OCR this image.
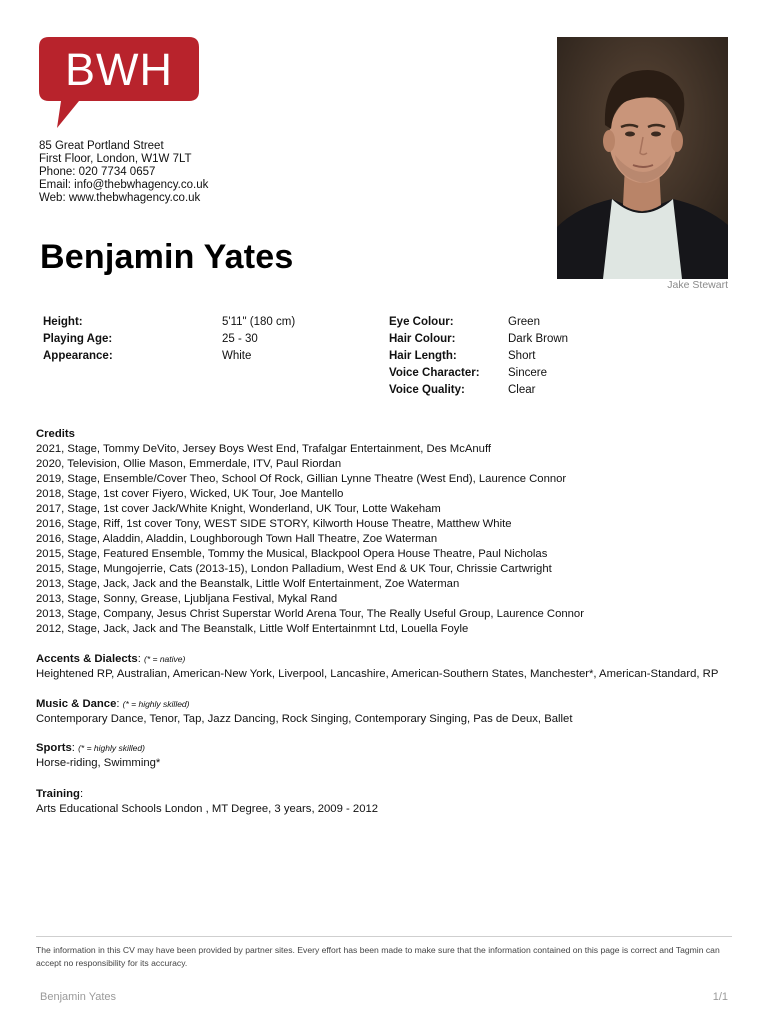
BWH
85 Great Portland Street
First Floor, London, W1W 7LT
Phone: 020 7734 0657
Email: info@thebwhagency.co.uk
Web: www.thebwhagency.co.uk
Benjamin Yates
Jake Stewart
Height:
Playing Age:
Appearance:
5'11" (180 cm)
25 - 30
White
Eye Colour:
Hair Colour:
Hair Length:
Voice Character:
Voice Quality:
Green
Dark Brown
Short
Sincere
Clear
Credits
2021, Stage, Tommy DeVito, Jersey Boys West End, Trafalgar Entertainment, Des McAnuff
2020, Television, Ollie Mason, Emmerdale, ITV, Paul Riordan
2019, Stage, Ensemble/Cover Theo, School Of Rock, Gillian Lynne Theatre (West End), Laurence Connor
2018, Stage, 1st cover Fiyero, Wicked, UK Tour, Joe Mantello
2017, Stage, 1st cover Jack/White Knight, Wonderland, UK Tour, Lotte Wakeham
2016, Stage, Riff, 1st cover Tony, WEST SIDE STORY, Kilworth House Theatre, Matthew White
2016, Stage, Aladdin, Aladdin, Loughborough Town Hall Theatre, Zoe Waterman
2015, Stage, Featured Ensemble, Tommy the Musical, Blackpool Opera House Theatre, Paul Nicholas
2015, Stage, Mungojerrie, Cats (2013-15), London Palladium, West End & UK Tour, Chrissie Cartwright
2013, Stage, Jack, Jack and the Beanstalk, Little Wolf Entertainment, Zoe Waterman
2013, Stage, Sonny, Grease, Ljubljana Festival, Mykal Rand
2013, Stage, Company, Jesus Christ Superstar World Arena Tour, The Really Useful Group, Laurence Connor
2012, Stage, Jack, Jack and The Beanstalk, Little Wolf Entertainmnt Ltd, Louella Foyle
Accents & Dialects: (* = native)
Heightened RP, Australian, American-New York, Liverpool, Lancashire, American-Southern States, Manchester*, American-Standard, RP
Music & Dance: (* = highly skilled)
Contemporary Dance, Tenor, Tap, Jazz Dancing, Rock Singing, Contemporary Singing, Pas de Deux, Ballet
Sports: (* = highly skilled)
Horse-riding, Swimming*
Training:
Arts Educational Schools London , MT Degree, 3 years, 2009 - 2012
The information in this CV may have been provided by partner sites. Every effort has been made to make sure that the information contained on this page is correct and Tagmin can accept no responsibility for its accuracy.
Benjamin Yates	1/1
